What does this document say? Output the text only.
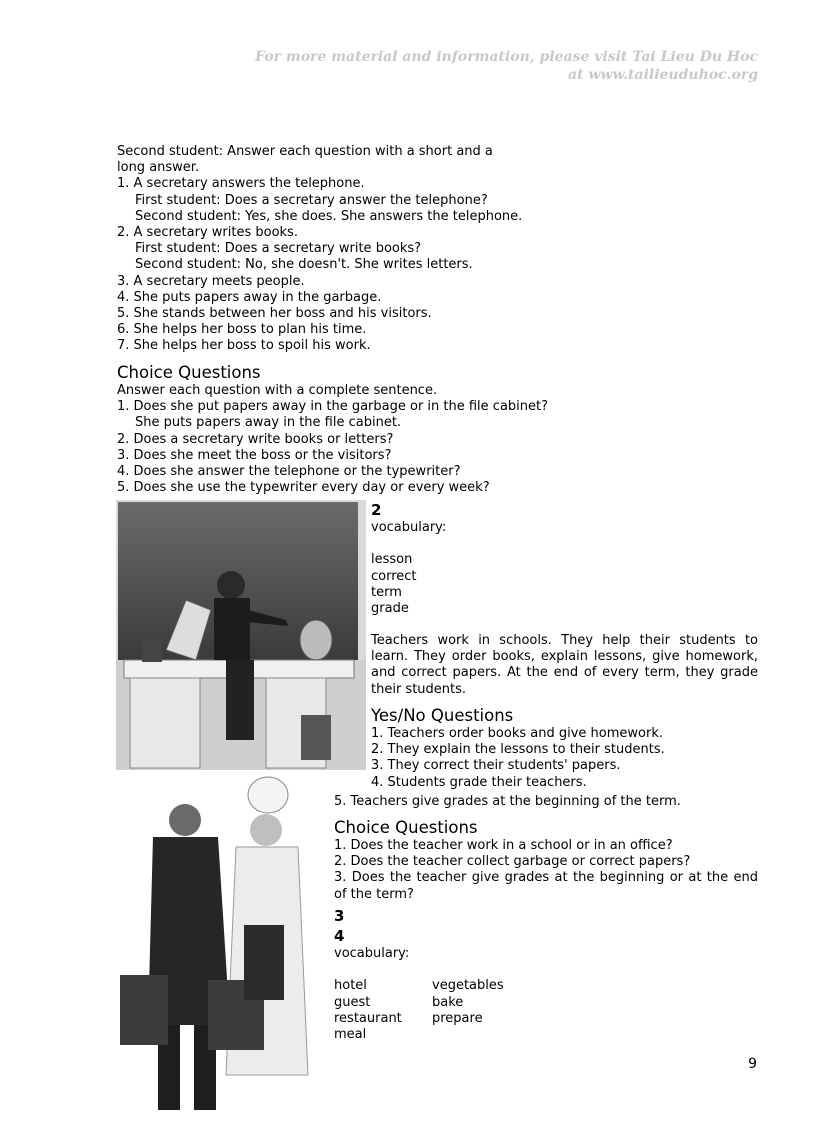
For more material and information, please visit Tai Lieu Du Hoc
at www.tailieuduhoc.org
Second student: Answer each question with a short and a
long answer.
1. A secretary answers the telephone.
First student: Does a secretary answer the telephone?
Second student: Yes, she does. She answers the telephone.
2. A secretary writes books.
First student: Does a secretary write books?
Second student: No, she doesn't. She writes letters.
3. A secretary meets people.
4. She puts papers away in the garbage.
5. She stands between her boss and his visitors.
6. She helps her boss to plan his time.
7. She helps her boss to spoil his work.
Choice Questions
Answer each question with a complete sentence.
1. Does she put papers away in the garbage or in the file cabinet?
She puts papers away in the file cabinet.
2. Does a secretary write books or letters?
3. Does she meet the boss or the visitors?
4. Does she answer the telephone or the typewriter?
5. Does she use the typewriter every day or every week?
2
vocabulary:

lesson
correct
term
grade
Teachers work in schools. They help their students to learn. They order books, explain lessons, give homework, and correct papers. At the end of every term, they grade their students.
Yes/No Questions
1. Teachers order books and give homework.
2. They explain the lessons to their students.
3. They correct their students' papers.
4. Students grade their teachers.
5. Teachers give grades at the beginning of the term.
Choice Questions
1. Does the teacher work in a school or in an office?
2. Does the teacher collect garbage or correct papers?
3. Does the teacher give grades at the beginning or at the end of the term?
3
4
vocabulary:

hotel	vegetables
guest	bake
restaurant	prepare
meal
9
